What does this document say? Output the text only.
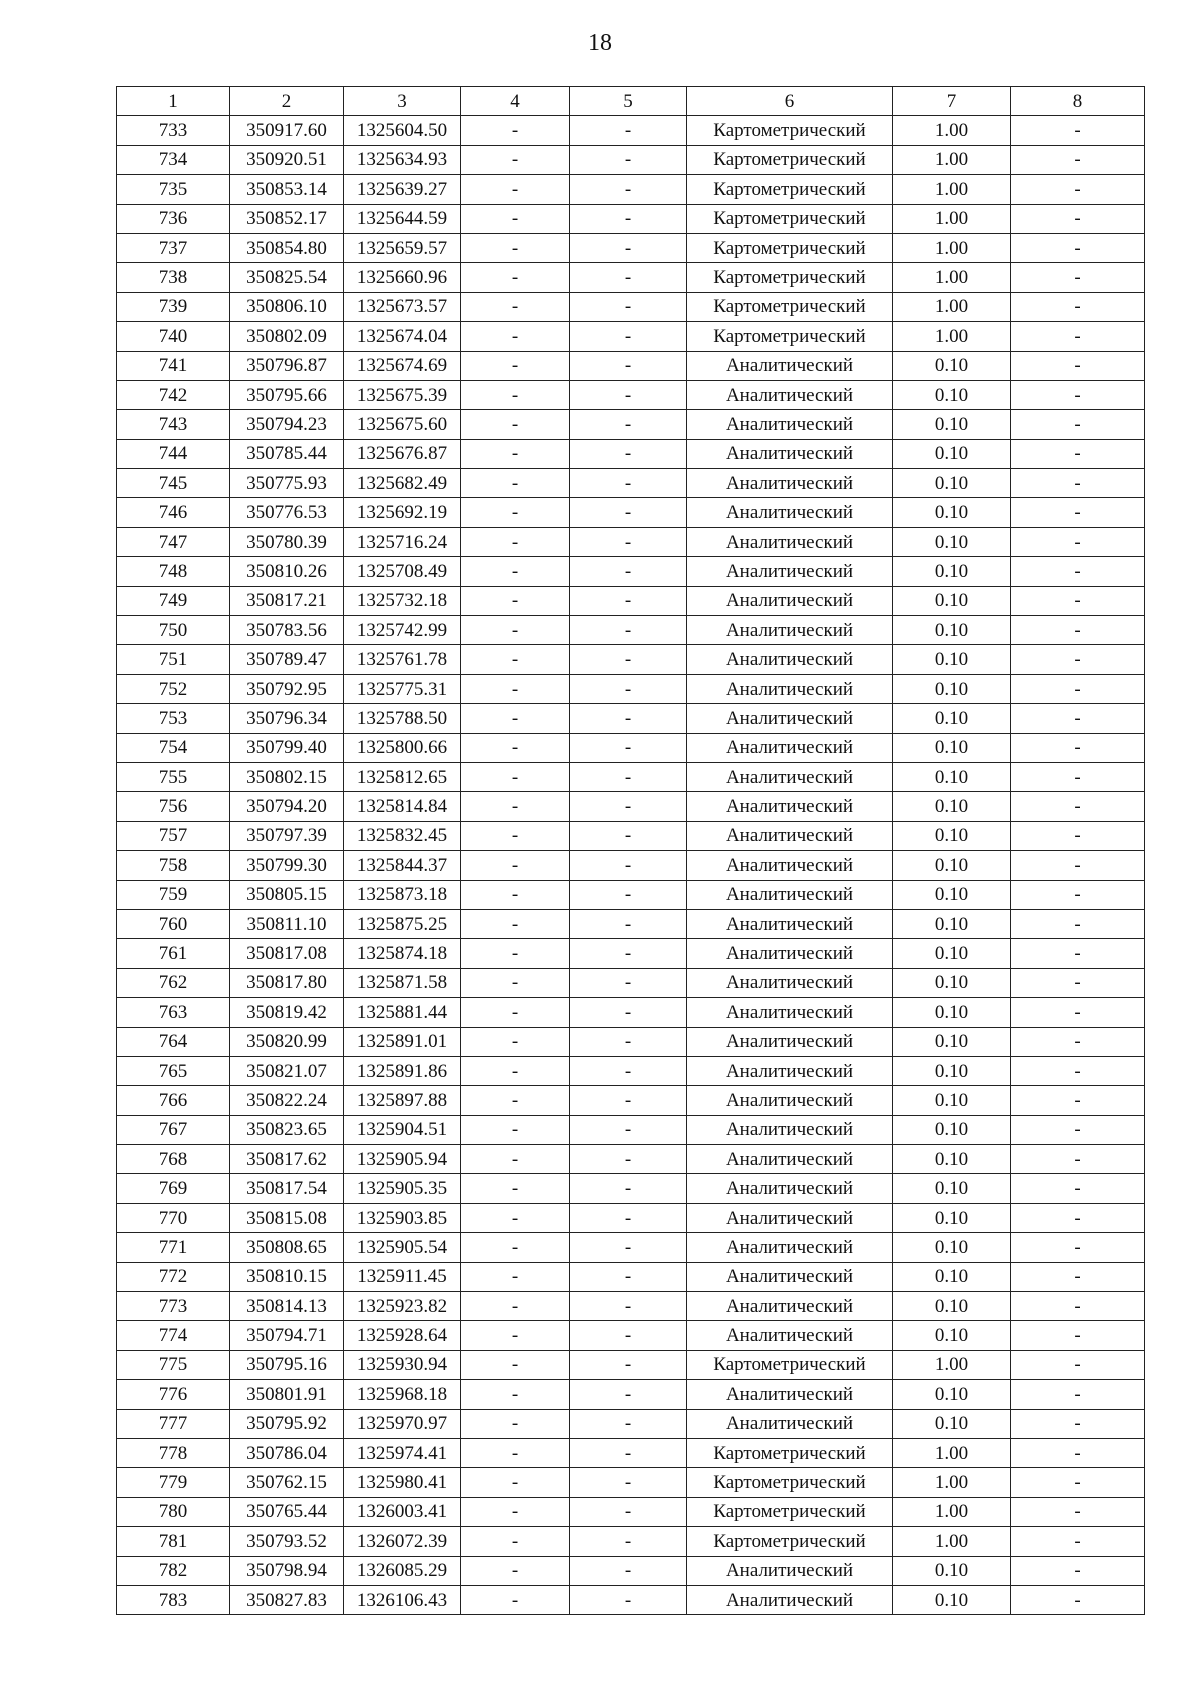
18
1	2	3	4	5	6	7	8
733	350917.60	1325604.50	-	-	Картометрический	1.00	-
734	350920.51	1325634.93	-	-	Картометрический	1.00	-
735	350853.14	1325639.27	-	-	Картометрический	1.00	-
736	350852.17	1325644.59	-	-	Картометрический	1.00	-
737	350854.80	1325659.57	-	-	Картометрический	1.00	-
738	350825.54	1325660.96	-	-	Картометрический	1.00	-
739	350806.10	1325673.57	-	-	Картометрический	1.00	-
740	350802.09	1325674.04	-	-	Картометрический	1.00	-
741	350796.87	1325674.69	-	-	Аналитический	0.10	-
742	350795.66	1325675.39	-	-	Аналитический	0.10	-
743	350794.23	1325675.60	-	-	Аналитический	0.10	-
744	350785.44	1325676.87	-	-	Аналитический	0.10	-
745	350775.93	1325682.49	-	-	Аналитический	0.10	-
746	350776.53	1325692.19	-	-	Аналитический	0.10	-
747	350780.39	1325716.24	-	-	Аналитический	0.10	-
748	350810.26	1325708.49	-	-	Аналитический	0.10	-
749	350817.21	1325732.18	-	-	Аналитический	0.10	-
750	350783.56	1325742.99	-	-	Аналитический	0.10	-
751	350789.47	1325761.78	-	-	Аналитический	0.10	-
752	350792.95	1325775.31	-	-	Аналитический	0.10	-
753	350796.34	1325788.50	-	-	Аналитический	0.10	-
754	350799.40	1325800.66	-	-	Аналитический	0.10	-
755	350802.15	1325812.65	-	-	Аналитический	0.10	-
756	350794.20	1325814.84	-	-	Аналитический	0.10	-
757	350797.39	1325832.45	-	-	Аналитический	0.10	-
758	350799.30	1325844.37	-	-	Аналитический	0.10	-
759	350805.15	1325873.18	-	-	Аналитический	0.10	-
760	350811.10	1325875.25	-	-	Аналитический	0.10	-
761	350817.08	1325874.18	-	-	Аналитический	0.10	-
762	350817.80	1325871.58	-	-	Аналитический	0.10	-
763	350819.42	1325881.44	-	-	Аналитический	0.10	-
764	350820.99	1325891.01	-	-	Аналитический	0.10	-
765	350821.07	1325891.86	-	-	Аналитический	0.10	-
766	350822.24	1325897.88	-	-	Аналитический	0.10	-
767	350823.65	1325904.51	-	-	Аналитический	0.10	-
768	350817.62	1325905.94	-	-	Аналитический	0.10	-
769	350817.54	1325905.35	-	-	Аналитический	0.10	-
770	350815.08	1325903.85	-	-	Аналитический	0.10	-
771	350808.65	1325905.54	-	-	Аналитический	0.10	-
772	350810.15	1325911.45	-	-	Аналитический	0.10	-
773	350814.13	1325923.82	-	-	Аналитический	0.10	-
774	350794.71	1325928.64	-	-	Аналитический	0.10	-
775	350795.16	1325930.94	-	-	Картометрический	1.00	-
776	350801.91	1325968.18	-	-	Аналитический	0.10	-
777	350795.92	1325970.97	-	-	Аналитический	0.10	-
778	350786.04	1325974.41	-	-	Картометрический	1.00	-
779	350762.15	1325980.41	-	-	Картометрический	1.00	-
780	350765.44	1326003.41	-	-	Картометрический	1.00	-
781	350793.52	1326072.39	-	-	Картометрический	1.00	-
782	350798.94	1326085.29	-	-	Аналитический	0.10	-
783	350827.83	1326106.43	-	-	Аналитический	0.10	-
